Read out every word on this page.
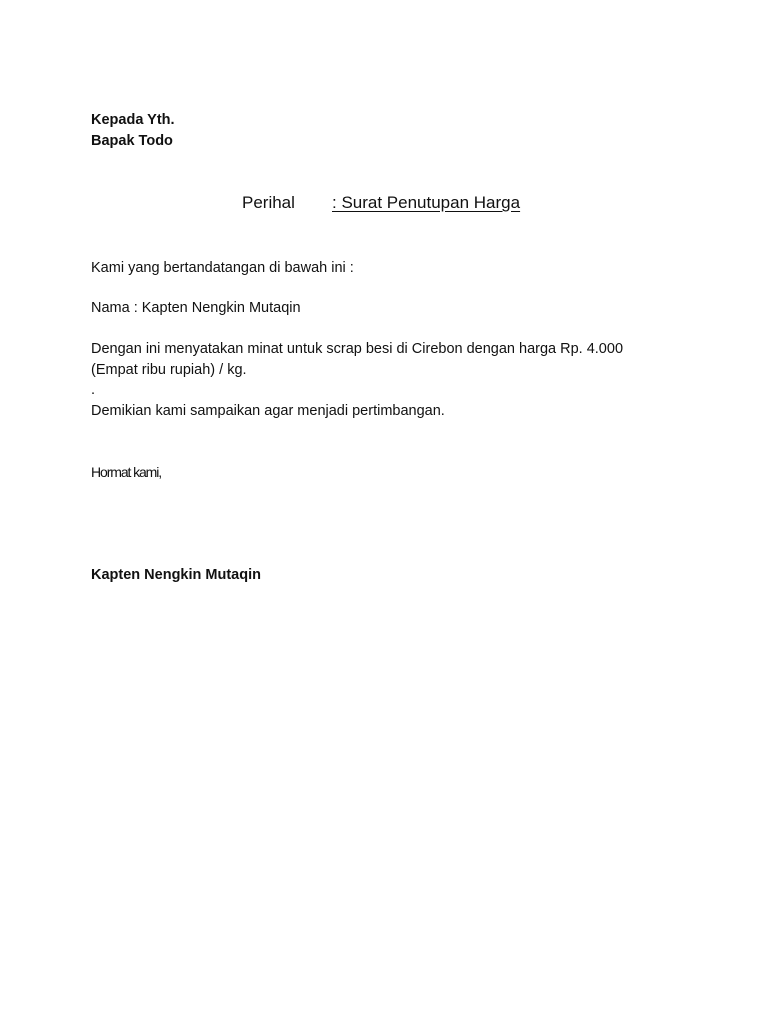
Kepada Yth.
Bapak Todo
Perihal : Surat Penutupan Harga
Kami yang bertandatangan di bawah ini :
Nama : Kapten Nengkin Mutaqin
Dengan ini menyatakan minat untuk scrap besi di Cirebon dengan harga Rp. 4.000
(Empat ribu rupiah) / kg.
.
Demikian kami sampaikan agar menjadi pertimbangan.
Hormat kami,
Kapten Nengkin Mutaqin
